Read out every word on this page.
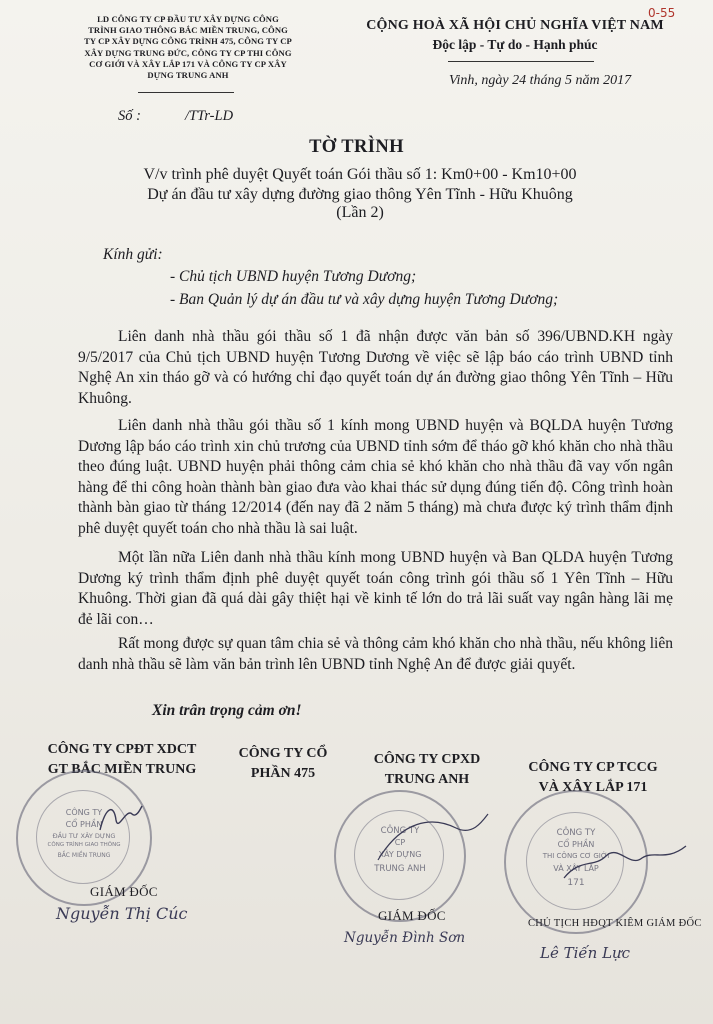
LD CÔNG TY CP ĐẦU TƯ XÂY DỰNG CÔNG
TRÌNH GIAO THÔNG BẮC MIỀN TRUNG, CÔNG
TY CP XÂY DỰNG CÔNG TRÌNH 475, CÔNG TY CP
XÂY DỰNG TRUNG ĐỨC, CÔNG TY CP THI CÔNG
CƠ GIỚI VÀ XÂY LẮP 171 VÀ CÔNG TY CP XÂY
DỰNG TRUNG ANH
CỘNG HOÀ XÃ HỘI CHỦ NGHĨA VIỆT NAM
Độc lập - Tự do - Hạnh phúc
0-55
Vinh, ngày 24 tháng 5 năm 2017
Số :	/TTr-LD
TỜ TRÌNH
V/v trình phê duyệt Quyết toán Gói thầu số 1: Km0+00 - Km10+00
Dự án đầu tư xây dựng đường giao thông Yên Tĩnh - Hữu Khuông
(Lần 2)
Kính gửi:
- Chủ tịch UBND huyện Tương Dương;
- Ban Quản lý dự án đầu tư và xây dựng huyện Tương Dương;
Liên danh nhà thầu gói thầu số 1 đã nhận được văn bản số 396/UBND.KH ngày 9/5/2017 của Chủ tịch UBND huyện Tương Dương về việc sẽ lập báo cáo trình UBND tỉnh Nghệ An xin tháo gỡ và có hướng chỉ đạo quyết toán dự án đường giao thông Yên Tĩnh – Hữu Khuông.
Liên danh nhà thầu gói thầu số 1 kính mong UBND huyện và BQLDA huyện Tương Dương lập báo cáo trình xin chủ trương của UBND tỉnh sớm để tháo gỡ khó khăn cho nhà thầu theo đúng luật. UBND huyện phải thông cảm chia sẻ khó khăn cho nhà thầu đã vay vốn ngân hàng để thi công hoàn thành bàn giao đưa vào khai thác sử dụng đúng tiến độ. Công trình hoàn thành bàn giao từ tháng 12/2014 (đến nay đã 2 năm 5 tháng) mà chưa được ký trình thẩm định phê duyệt quyết toán cho nhà thầu là sai luật.
Một lần nữa Liên danh nhà thầu kính mong UBND huyện và Ban QLDA huyện Tương Dương ký trình thẩm định phê duyệt quyết toán công trình gói thầu số 1 Yên Tĩnh – Hữu Khuông. Thời gian đã quá dài gây thiệt hại về kinh tế lớn do trả lãi suất vay ngân hàng lãi mẹ đẻ lãi con…
Rất mong được sự quan tâm chia sẻ và thông cảm khó khăn cho nhà thầu, nếu không liên danh nhà thầu sẽ làm văn bản trình lên UBND tỉnh Nghệ An để được giải quyết.
Xin trân trọng cảm ơn!
CÔNG TY CPĐT XDCT
GT BẮC MIỀN TRUNG
CÔNG TY
CỔ PHẦN
ĐẦU TƯ XÂY DỰNG
CÔNG TRÌNH GIAO THÔNG
BẮC MIỀN TRUNG
GIÁM ĐỐC
Nguyễn Thị Cúc
CÔNG TY CỔ
PHẦN 475
CÔNG TY CPXD
TRUNG ANH
CÔNG TY
CP
XÂY DỰNG
TRUNG ANH
GIÁM ĐỐC
Nguyễn Đình Sơn
CÔNG TY CP TCCG
VÀ XÂY LẮP 171
CÔNG TY
CỔ PHẦN
THI CÔNG CƠ GIỚI
VÀ XÂY LẮP
171
CHỦ TỊCH HĐQT KIÊM GIÁM ĐỐC
Lê Tiến Lực
